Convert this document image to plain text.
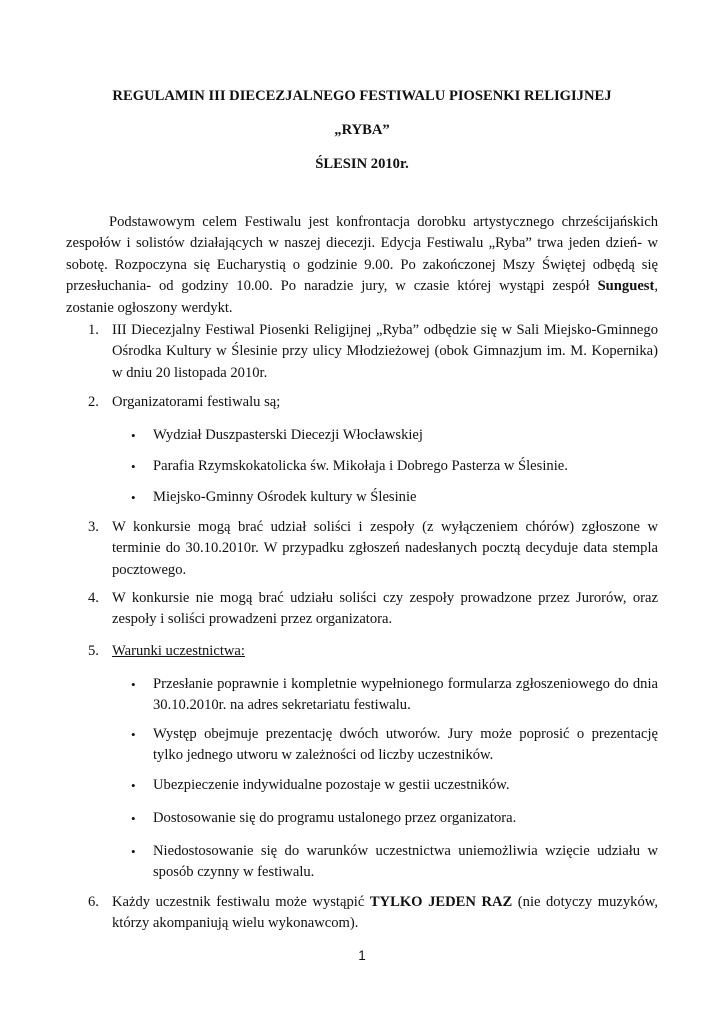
REGULAMIN III DIECEZJALNEGO FESTIWALU PIOSENKI RELIGIJNEJ
„RYBA”
ŚLESIN 2010r.
Podstawowym celem Festiwalu jest konfrontacja dorobku artystycznego chrześcijańskich zespołów i solistów działających w naszej diecezji. Edycja Festiwalu „Ryba” trwa jeden dzień- w sobotę. Rozpoczyna się Eucharystią o godzinie 9.00. Po zakończonej Mszy Świętej odbędą się przesłuchania- od godziny 10.00. Po naradzie jury, w czasie której wystąpi zespół Sunguest, zostanie ogłoszony werdykt.
1. III Diecezjalny Festiwal Piosenki Religijnej „Ryba” odbędzie się w Sali Miejsko-Gminnego Ośrodka Kultury w Ślesinie przy ulicy Młodzieżowej (obok Gimnazjum im. M. Kopernika) w dniu 20 listopada 2010r.
2. Organizatorami festiwalu są;
• Wydział Duszpasterski Diecezji Włocławskiej
• Parafia Rzymskokatolicka św. Mikołaja i Dobrego Pasterza w Ślesinie.
• Miejsko-Gminny Ośrodek kultury w Ślesinie
3. W konkursie mogą brać udział soliści i zespoły (z wyłączeniem chórów) zgłoszone w terminie do 30.10.2010r. W przypadku zgłoszeń nadesłanych pocztą decyduje data stempla pocztowego.
4. W konkursie nie mogą brać udziału soliści czy zespoły prowadzone przez Jurorów, oraz zespoły i soliści prowadzeni przez organizatora.
5. Warunki uczestnictwa:
• Przesłanie poprawnie i kompletnie wypełnionego formularza zgłoszeniowego do dnia 30.10.2010r. na adres sekretariatu festiwalu.
• Występ obejmuje prezentację dwóch utworów. Jury może poprosić o prezentację tylko jednego utworu w zależności od liczby uczestników.
• Ubezpieczenie indywidualne pozostaje w gestii uczestników.
• Dostosowanie się do programu ustalonego przez organizatora.
• Niedostosowanie się do warunków uczestnictwa uniemożliwia wzięcie udziału w sposób czynny w festiwalu.
6. Każdy uczestnik festiwalu może wystąpić TYLKO JEDEN RAZ (nie dotyczy muzyków, którzy akompaniują wielu wykonawcom).
1
